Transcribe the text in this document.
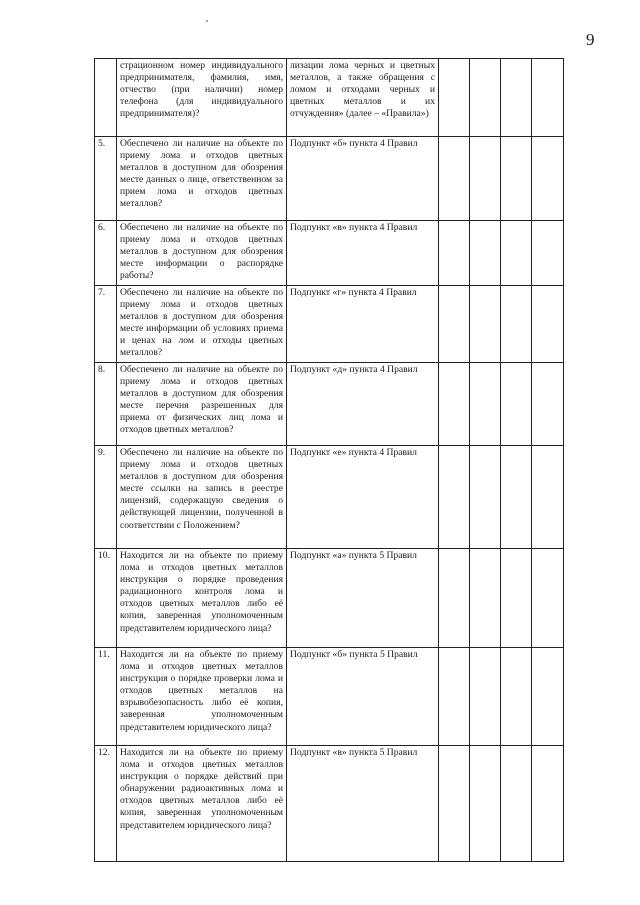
9
	страционном номер индивидуального предпринимателя, фамилия, имя, отчество (при наличии) номер телефона (для индивидуального предпринимателя)?	лизации лома черных и цветных металлов, а также обращения с ломом и отходами черных и цветных металлов и их отчуждения» (далее – «Правила»)				
5.	Обеспечено ли наличие на объекте по приему лома и отходов цветных металлов в доступном для обозрения месте данных о лице, ответственном за прием лома и отходов цветных металлов?	Подпункт «б» пункта 4 Правил				
6.	Обеспечено ли наличие на объекте по приему лома и отходов цветных металлов в доступном для обозрения месте информации о распорядке работы?	Подпункт «в» пункта 4 Правил				
7.	Обеспечено ли наличие на объекте по приему лома и отходов цветных металлов в доступном для обозрения месте информации об условиях приема и ценах на лом и отходы цветных металлов?	Подпункт «г» пункта 4 Правил				
8.	Обеспечено ли наличие на объекте по приему лома и отходов цветных металлов в доступном для обозрения месте перечня разрешенных для приема от физических лиц лома и отходов цветных металлов?	Подпункт «д» пункта 4 Правил				
9.	Обеспечено ли наличие на объекте по приему лома и отходов цветных металлов в доступном для обозрения месте ссылки на запись в реестре лицензий, содержащую сведения о действующей лицензии, полученной в соответствии с Положением?	Подпункт «е» пункта 4 Правил				
10.	Находится ли на объекте по приему лома и отходов цветных металлов инструкция о порядке проведения радиационного контроля лома и отходов цветных металлов либо её копия, заверенная уполномоченным представителем юридического лица?	Подпункт «а» пункта 5 Правил				
11.	Находится ли на объекте по приему лома и отходов цветных металлов инструкция о порядке проверки лома и отходов цветных металлов на взрывобезопасность либо её копия, заверенная уполномоченным представителем юридического лица?	Подпункт «б» пункта 5 Правил				
12.	Находится ли на объекте по приему лома и отходов цветных металлов инструкция о порядке действий при обнаружении радиоактивных лома и отходов цветных металлов либо её копия, заверенная уполномоченным представителем юридического лица?	Подпункт «в» пункта 5 Правил				
